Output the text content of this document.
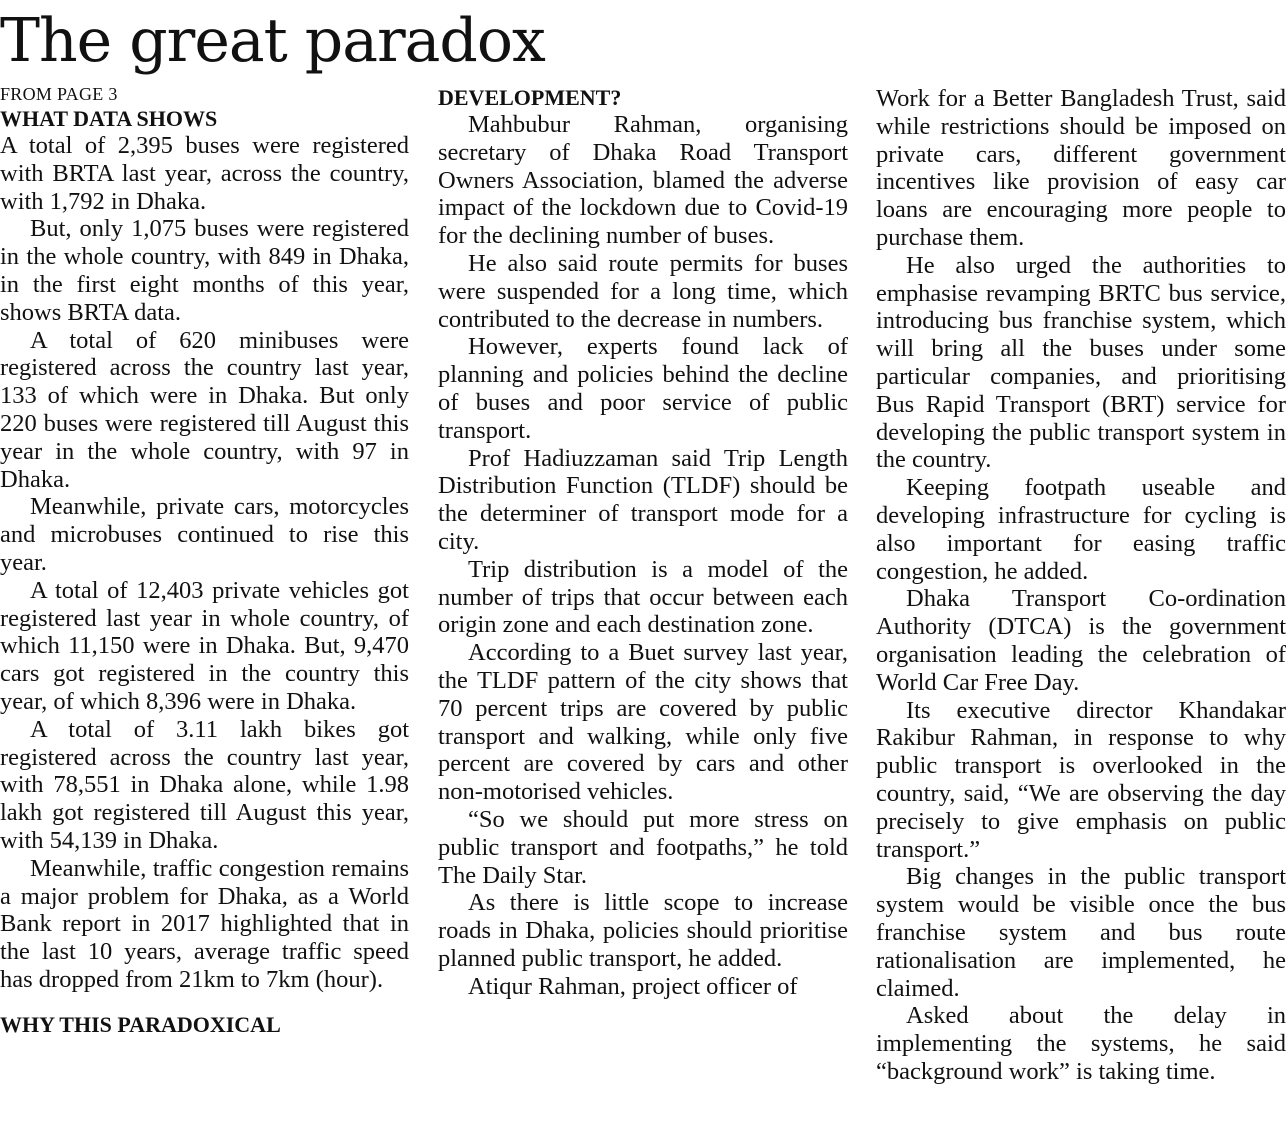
The great paradox
FROM PAGE 3
WHAT DATA SHOWS

A total of 2,395 buses were registered with BRTA last year, across the country, with 1,792 in Dhaka.

But, only 1,075 buses were registered in the whole country, with 849 in Dhaka, in the first eight months of this year, shows BRTA data.

A total of 620 minibuses were registered across the country last year, 133 of which were in Dhaka. But only 220 buses were registered till August this year in the whole country, with 97 in Dhaka.

Meanwhile, private cars, motorcycles and microbuses continued to rise this year.

A total of 12,403 private vehicles got registered last year in whole country, of which 11,150 were in Dhaka. But, 9,470 cars got registered in the country this year, of which 8,396 were in Dhaka.

A total of 3.11 lakh bikes got registered across the country last year, with 78,551 in Dhaka alone, while 1.98 lakh got registered till August this year, with 54,139 in Dhaka.

Meanwhile, traffic congestion remains a major problem for Dhaka, as a World Bank report in 2017 highlighted that in the last 10 years, average traffic speed has dropped from 21km to 7km (hour).

WHY THIS PARADOXICAL
DEVELOPMENT?

Mahbubur Rahman, organising secretary of Dhaka Road Transport Owners Association, blamed the adverse impact of the lockdown due to Covid-19 for the declining number of buses.

He also said route permits for buses were suspended for a long time, which contributed to the decrease in numbers.

However, experts found lack of planning and policies behind the decline of buses and poor service of public transport.

Prof Hadiuzzaman said Trip Length Distribution Function (TLDF) should be the determiner of transport mode for a city.

Trip distribution is a model of the number of trips that occur between each origin zone and each destination zone.

According to a Buet survey last year, the TLDF pattern of the city shows that 70 percent trips are covered by public transport and walking, while only five percent are covered by cars and other non-motorised vehicles.

“So we should put more stress on public transport and footpaths,” he told The Daily Star.

As there is little scope to increase roads in Dhaka, policies should prioritise planned public transport, he added.

Atiqur Rahman, project officer of

Work for a Better Bangladesh Trust, said while restrictions should be imposed on private cars, different government incentives like provision of easy car loans are encouraging more people to purchase them.

He also urged the authorities to emphasise revamping BRTC bus service, introducing bus franchise system, which will bring all the buses under some particular companies, and prioritising Bus Rapid Transport (BRT) service for developing the public transport system in the country.

Keeping footpath useable and developing infrastructure for cycling is also important for easing traffic congestion, he added.

Dhaka Transport Co-ordination Authority (DTCA) is the government organisation leading the celebration of World Car Free Day.

Its executive director Khandakar Rakibur Rahman, in response to why public transport is overlooked in the country, said, “We are observing the day precisely to give emphasis on public transport.”

Big changes in the public transport system would be visible once the bus franchise system and bus route rationalisation are implemented, he claimed.

Asked about the delay in implementing the systems, he said “background work” is taking time.
